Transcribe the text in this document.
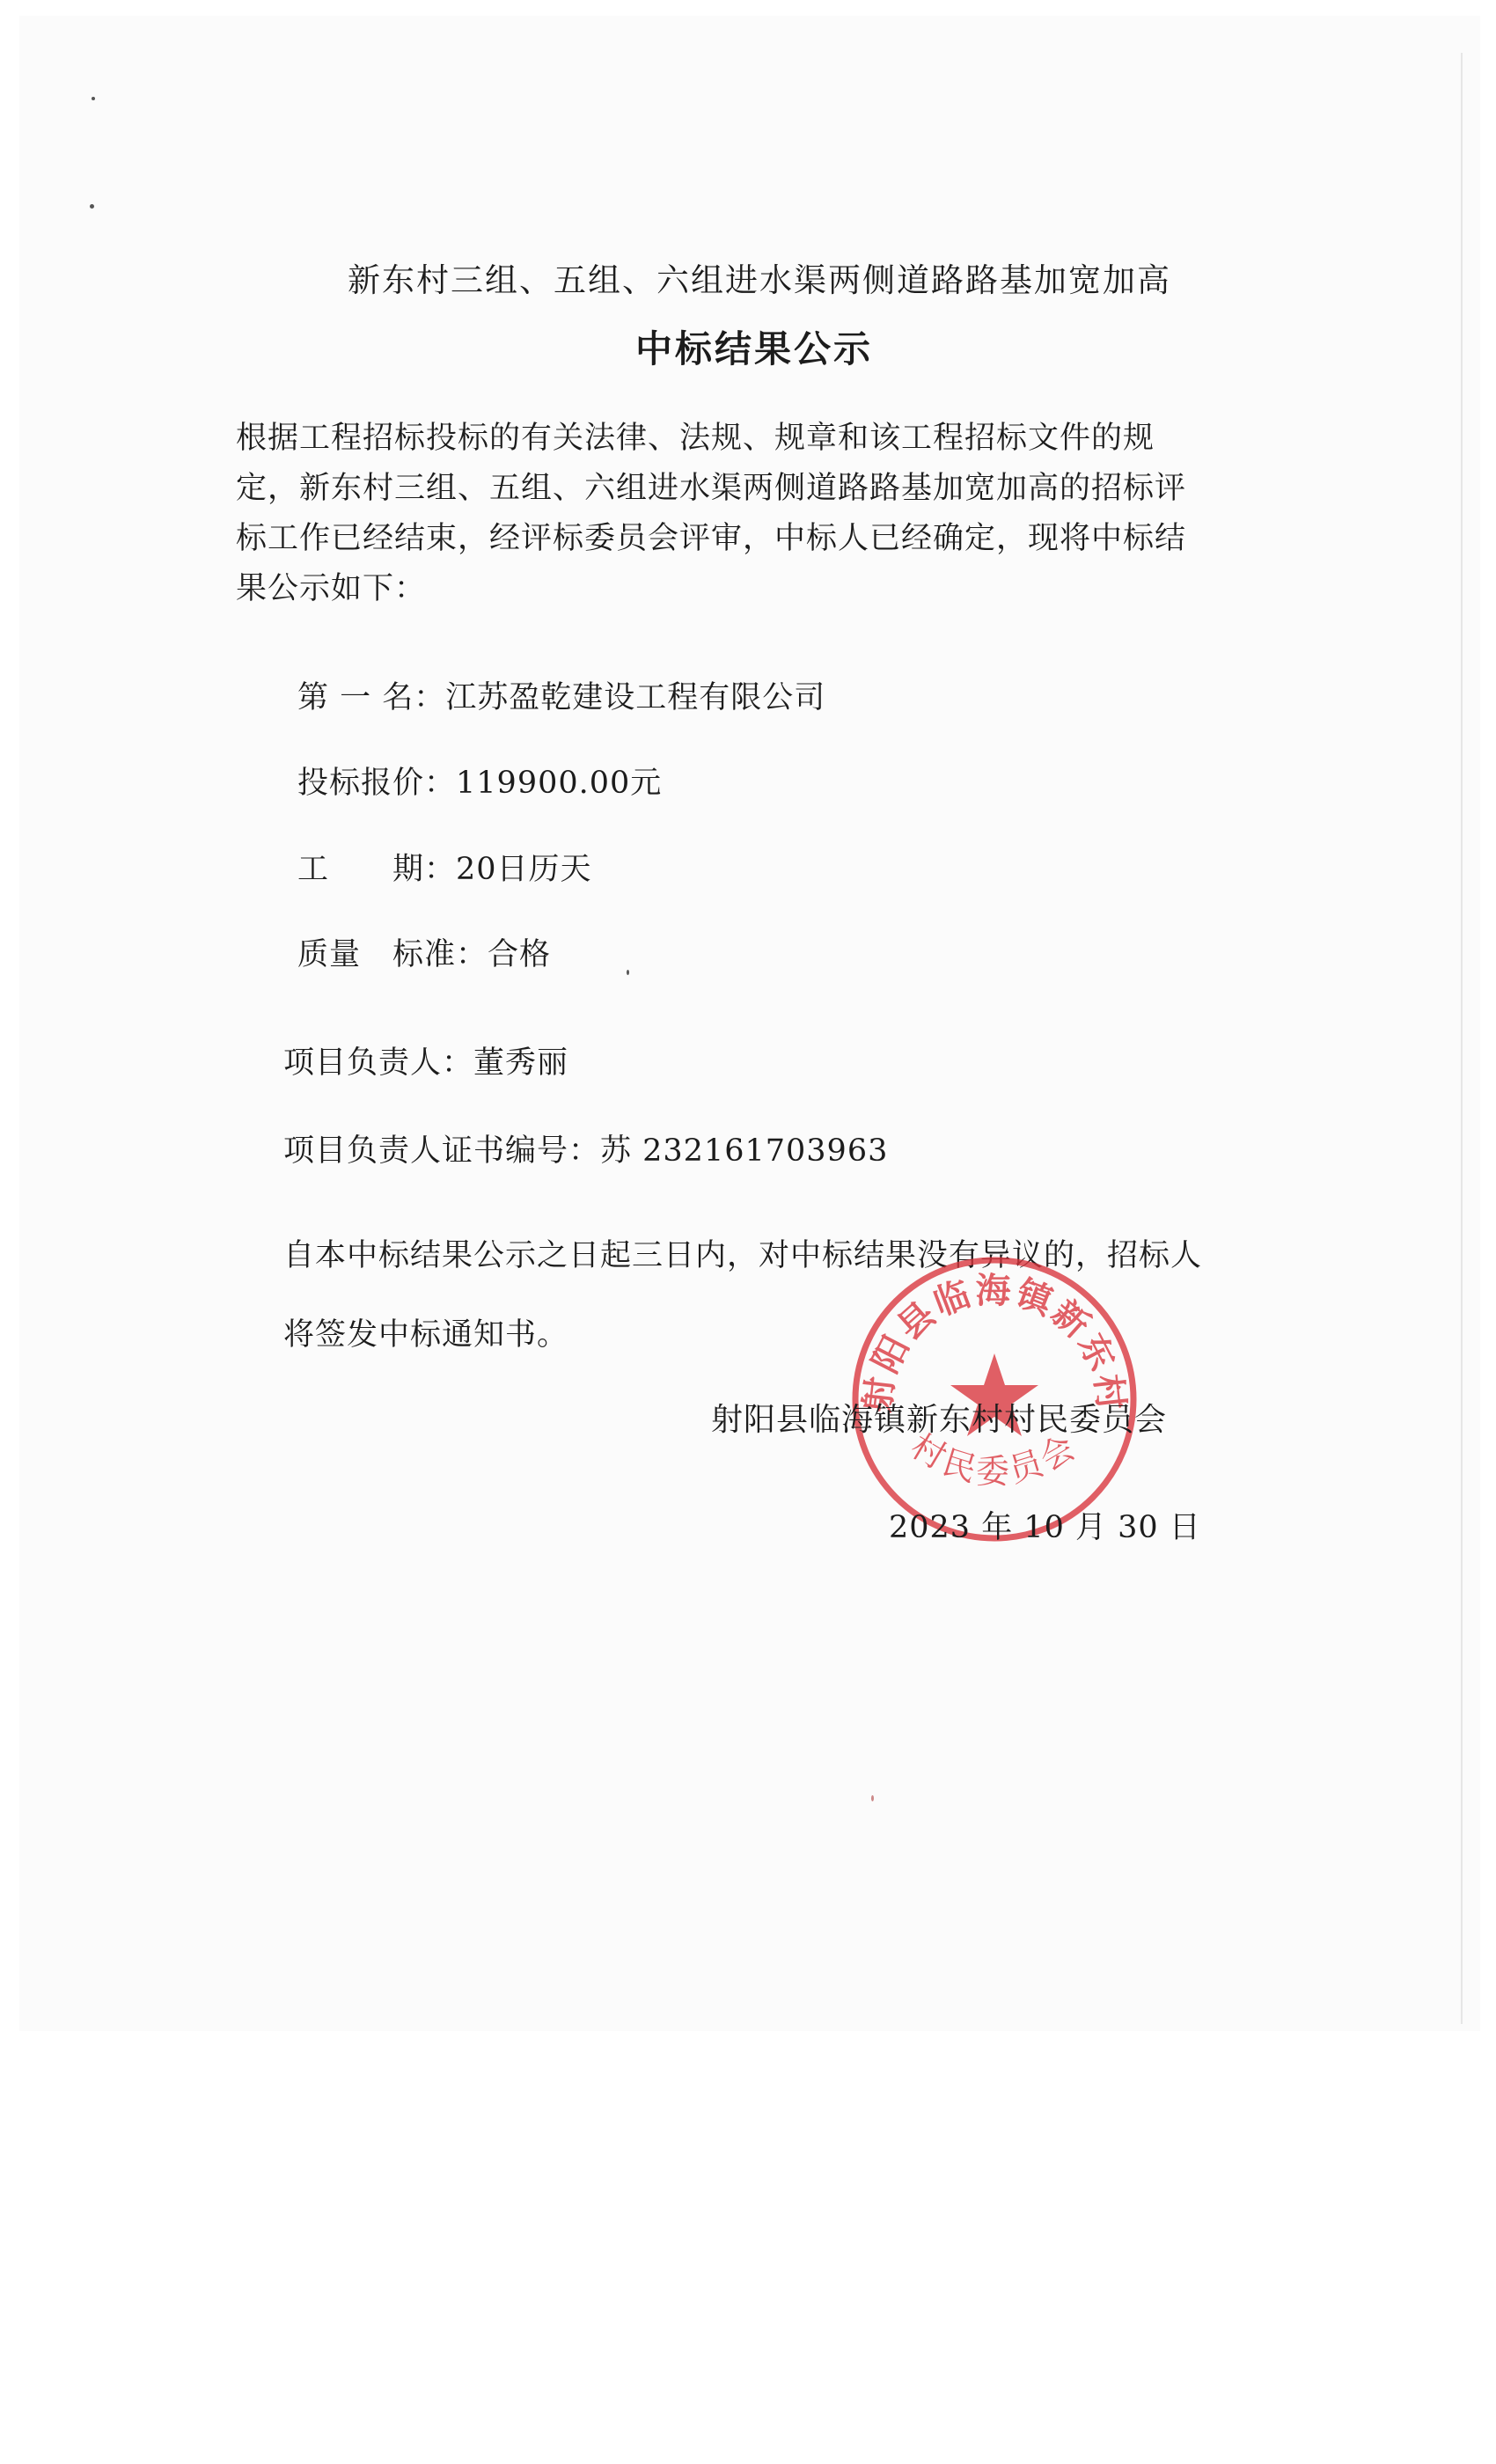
新东村三组、五组、六组进水渠两侧道路路基加宽加高
中标结果公示

根据工程招标投标的有关法律、法规、规章和该工程招标文件的规

定，新东村三组、五组、六组进水渠两侧道路路基加宽加高的招标评

标工作已经结束，经评标委员会评审，中标人已经确定，现将中标结

果公示如下：

第 一 名：江苏盈乾建设工程有限公司
投标报价：119900.00元
工　　期：20日历天
质量　标准：合格
项目负责人：董秀丽
项目负责人证书编号：苏 232161703963
自本中标结果公示之日起三日内，对中标结果没有异议的，招标人
将签发中标通知书。
射阳县临海镇新东村
村民委员会
射阳县临海镇新东村村民委员会
2023 年 10 月 30 日
